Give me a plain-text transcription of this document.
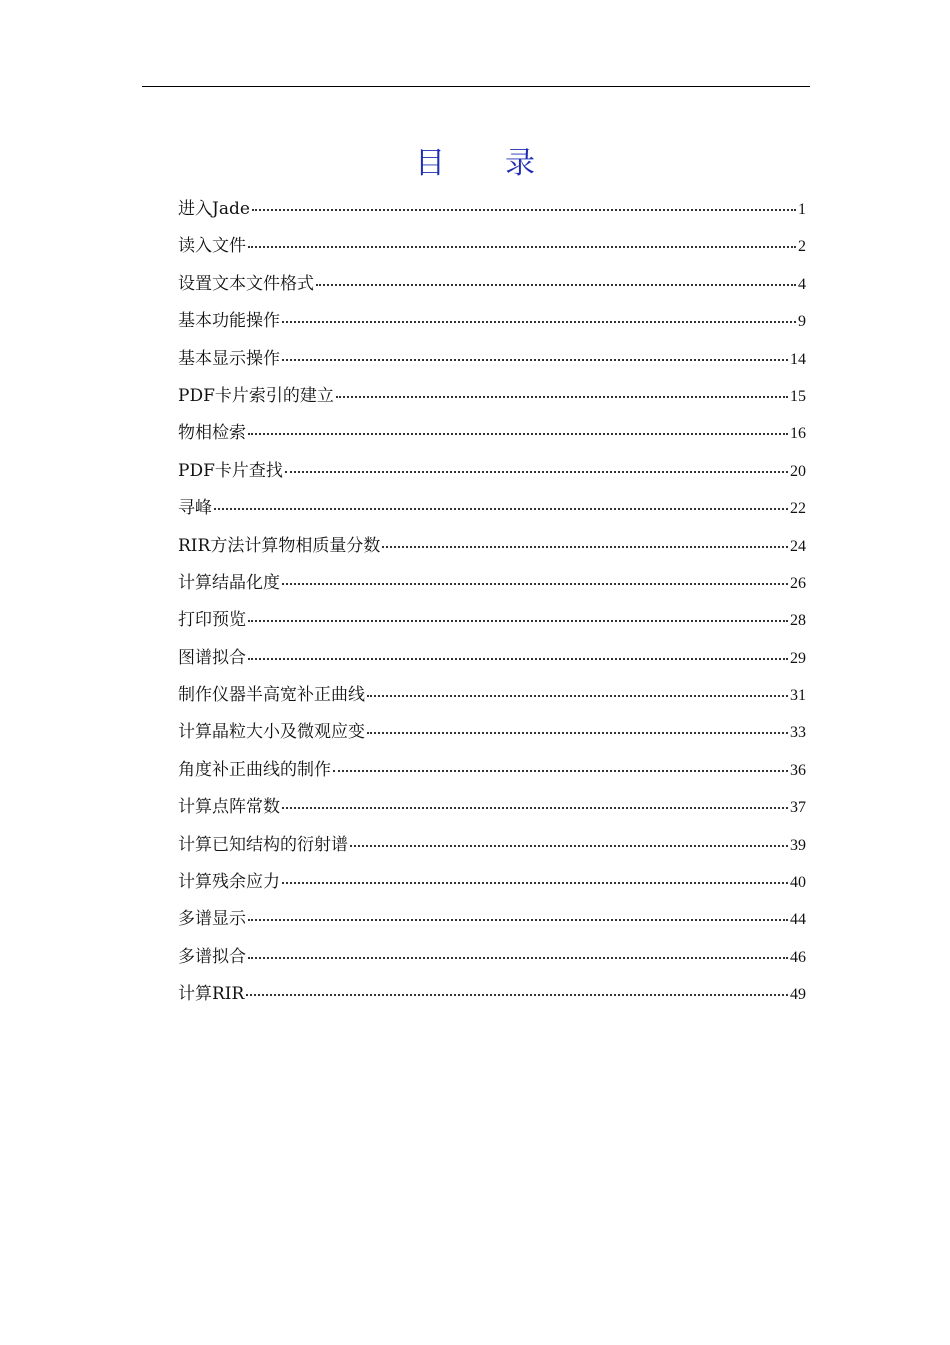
目 录
进入Jade	1
读入文件	2
设置文本文件格式	4
基本功能操作	9
基本显示操作	14
PDF卡片索引的建立	15
物相检索	16
PDF卡片查找	20
寻峰	22
RIR方法计算物相质量分数	24
计算结晶化度	26
打印预览	28
图谱拟合	29
制作仪器半高宽补正曲线	31
计算晶粒大小及微观应变	33
角度补正曲线的制作	36
计算点阵常数	37
计算已知结构的衍射谱	39
计算残余应力	40
多谱显示	44
多谱拟合	46
计算RIR	49
